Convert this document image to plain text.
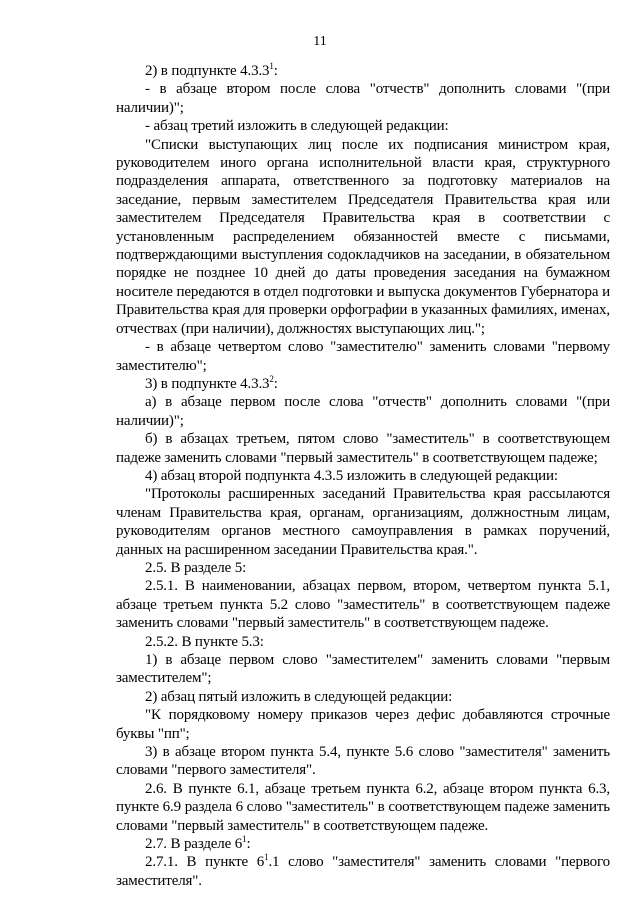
11

2) в подпункте 4.3.3$^1$:

- в абзаце втором после слова "отчеств" дополнить словами "(при наличии)";

- абзац третий изложить в следующей редакции:

"Списки выступающих лиц после их подписания министром края, руководителем иного органа исполнительной власти края, структурного подразделения аппарата, ответственного за подготовку материалов на заседание, первым заместителем Председателя Правительства края или заместителем Председателя Правительства края в соответствии с установленным распределением обязанностей вместе с письмами, подтверждающими выступления содокладчиков на заседании, в обязательном порядке не позднее 10 дней до даты проведения заседания на бумажном носителе передаются в отдел подготовки и выпуска документов Губернатора и Правительства края для проверки орфографии в указанных фамилиях, именах, отчествах (при наличии), должностях выступающих лиц.";

- в абзаце четвертом слово "заместителю" заменить словами "первому заместителю";

3) в подпункте 4.3.3$^2$:

а) в абзаце первом после слова "отчеств" дополнить словами "(при наличии)";

б) в абзацах третьем, пятом слово "заместитель" в соответствующем падеже заменить словами "первый заместитель" в соответствующем падеже;

4) абзац второй подпункта 4.3.5 изложить в следующей редакции:

"Протоколы расширенных заседаний Правительства края рассылаются членам Правительства края, органам, организациям, должностным лицам, руководителям органов местного самоуправления в рамках поручений, данных на расширенном заседании Правительства края.".

2.5. В разделе 5:

2.5.1. В наименовании, абзацах первом, втором, четвертом пункта 5.1, абзаце третьем пункта 5.2 слово "заместитель" в соответствующем падеже заменить словами "первый заместитель" в соответствующем падеже.

2.5.2. В пункте 5.3:

1) в абзаце первом слово "заместителем" заменить словами "первым заместителем";

2) абзац пятый изложить в следующей редакции:

"К порядковому номеру приказов через дефис добавляются строчные буквы "пп";

3) в абзаце втором пункта 5.4, пункте 5.6 слово "заместителя" заменить словами "первого заместителя".

2.6. В пункте 6.1, абзаце третьем пункта 6.2, абзаце втором пункта 6.3, пункте 6.9 раздела 6 слово "заместитель" в соответствующем падеже заменить словами "первый заместитель" в соответствующем падеже.

2.7. В разделе $6^1$:

2.7.1. В пункте $6^1.1$ слово "заместителя" заменить словами "первого заместителя".
